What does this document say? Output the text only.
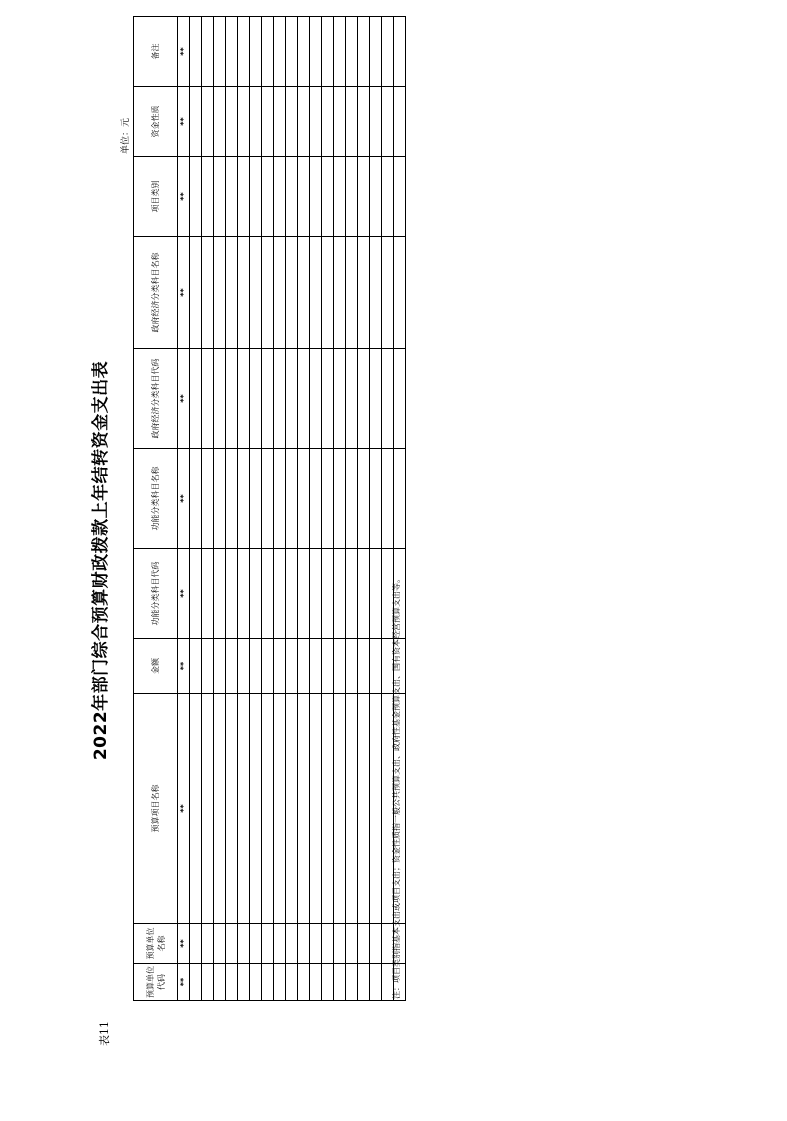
表11
2022年部门综合预算财政拨款上年结转资金支出表
单位：元
预算单位代码	预算单位名称	预算项目名称	金额	功能分类科目代码	功能分类科目名称	政府经济分类科目代码	政府经济分类科目名称	项目类别	资金性质	备注
**	**	**	**	**	**	**	**	**	**	**

注：项目类别指基本支出或项目支出；资金性质指一般公共预算支出、政府性基金预算支出、国有资本经营预算支出等。
